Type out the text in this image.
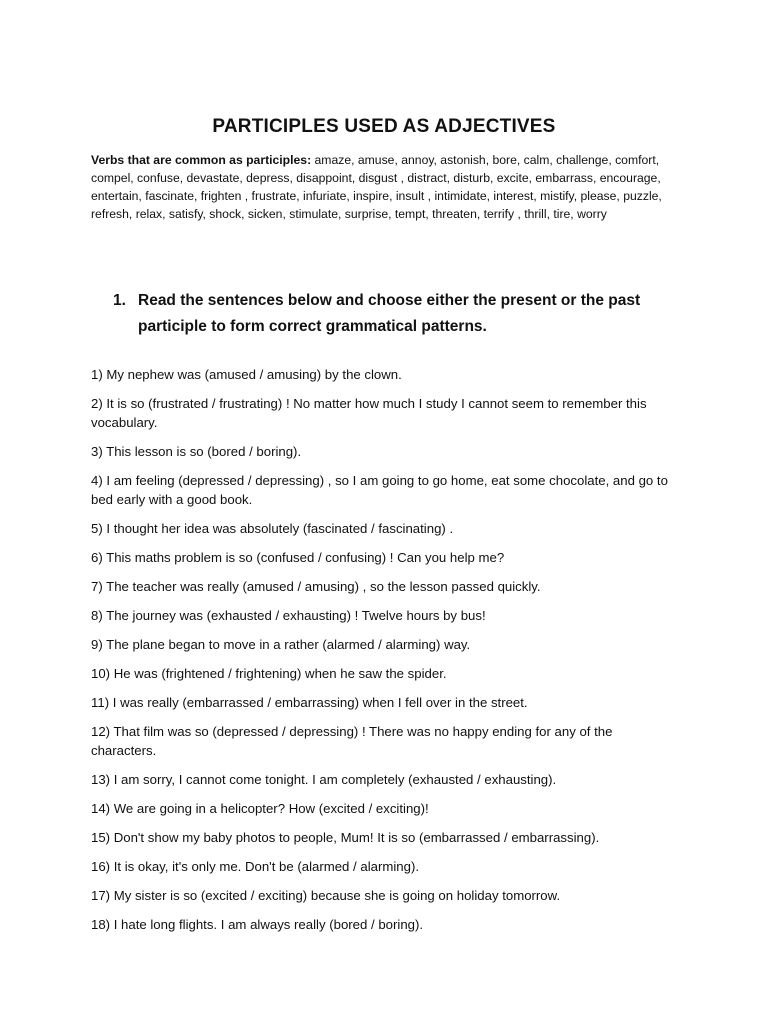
PARTICIPLES USED AS ADJECTIVES
Verbs that are common as participles: amaze, amuse, annoy, astonish, bore, calm, challenge, comfort, compel, confuse, devastate, depress, disappoint, disgust , distract, disturb, excite, embarrass, encourage, entertain, fascinate, frighten , frustrate, infuriate, inspire, insult , intimidate, interest, mistify, please, puzzle, refresh, relax, satisfy, shock, sicken, stimulate, surprise, tempt, threaten, terrify , thrill, tire, worry
1. Read the sentences below and choose either the present or the past participle to form correct grammatical patterns.
1) My nephew was (amused / amusing) by the clown.
2) It is so (frustrated / frustrating) ! No matter how much I study I cannot seem to remember this vocabulary.
3) This lesson is so (bored / boring).
4) I am feeling (depressed / depressing) , so I am going to go home, eat some chocolate, and go to bed early with a good book.
5) I thought her idea was absolutely (fascinated / fascinating) .
6) This maths problem is so (confused / confusing) ! Can you help me?
7) The teacher was really (amused / amusing) , so the lesson passed quickly.
8) The journey was (exhausted / exhausting) ! Twelve hours by bus!
9) The plane began to move in a rather (alarmed / alarming) way.
10) He was (frightened / frightening) when he saw the spider.
11) I was really (embarrassed / embarrassing) when I fell over in the street.
12) That film was so (depressed / depressing) ! There was no happy ending for any of the characters.
13) I am sorry, I cannot come tonight. I am completely (exhausted / exhausting).
14) We are going in a helicopter? How (excited / exciting)!
15) Don't show my baby photos to people, Mum! It is so (embarrassed / embarrassing).
16) It is okay, it's only me. Don't be (alarmed / alarming).
17) My sister is so (excited / exciting) because she is going on holiday tomorrow.
18) I hate long flights. I am always really (bored / boring).
